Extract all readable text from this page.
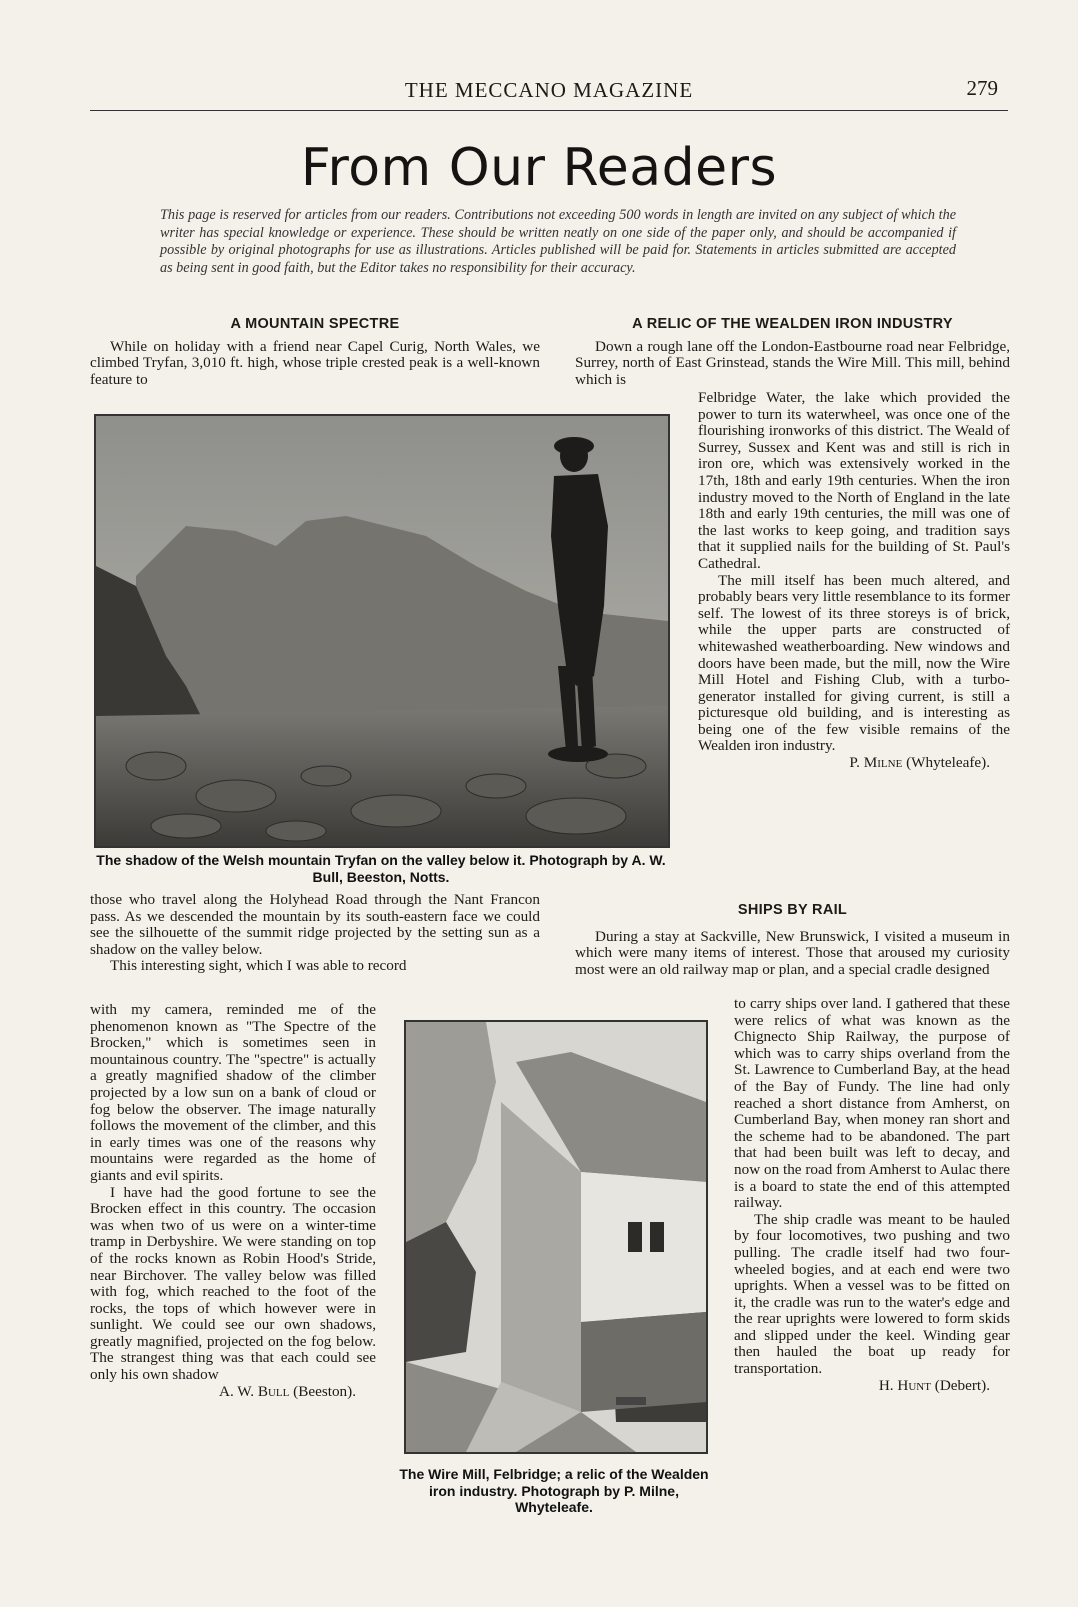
THE MECCANO MAGAZINE	279
From Our Readers
This page is reserved for articles from our readers. Contributions not exceeding 500 words in length are invited on any subject of which the writer has special knowledge or experience. These should be written neatly on one side of the paper only, and should be accompanied if possible by original photographs for use as illustrations. Articles published will be paid for. Statements in articles submitted are accepted as being sent in good faith, but the Editor takes no responsibility for their accuracy.
A MOUNTAIN SPECTRE

While on holiday with a friend near Capel Curig, North Wales, we climbed Tryfan, 3,010 ft. high, whose triple crested peak is a well-known feature to

The shadow of the Welsh mountain Tryfan on the valley below it. Photograph by A. W. Bull, Beeston, Notts.

those who travel along the Holyhead Road through the Nant Francon pass. As we descended the mountain by its south-eastern face we could see the silhouette of the summit ridge projected by the setting sun as a shadow on the valley below.

This interesting sight, which I was able to record

with my camera, reminded me of the phenomenon known as "The Spectre of the Brocken," which is sometimes seen in mountainous country. The "spectre" is actually a greatly magnified shadow of the climber projected by a low sun on a bank of cloud or fog below the observer. The image naturally follows the movement of the climber, and this in early times was one of the reasons why mountains were regarded as the home of giants and evil spirits.

I have had the good fortune to see the Brocken effect in this country. The occasion was when two of us were on a winter-time tramp in Derbyshire. We were standing on top of the rocks known as Robin Hood's Stride, near Birchover. The valley below was filled with fog, which reached to the foot of the rocks, the tops of which however were in sunlight. We could see our own shadows, greatly magnified, projected on the fog below. The strangest thing was that each could see only his own shadow

A. W. Bull (Beeston).

The Wire Mill, Felbridge; a relic of the Wealden iron industry. Photograph by P. Milne, Whyteleafe.
A RELIC OF THE WEALDEN IRON INDUSTRY

Down a rough lane off the London-Eastbourne road near Felbridge, Surrey, north of East Grinstead, stands the Wire Mill. This mill, behind which is

Felbridge Water, the lake which provided the power to turn its waterwheel, was once one of the flourishing ironworks of this district. The Weald of Surrey, Sussex and Kent was and still is rich in iron ore, which was extensively worked in the 17th, 18th and early 19th centuries. When the iron industry moved to the North of England in the late 18th and early 19th centuries, the mill was one of the last works to keep going, and tradition says that it supplied nails for the building of St. Paul's Cathedral.

The mill itself has been much altered, and probably bears very little resemblance to its former self. The lowest of its three storeys is of brick, while the upper parts are constructed of whitewashed weatherboarding. New windows and doors have been made, but the mill, now the Wire Mill Hotel and Fishing Club, with a turbo-generator installed for giving current, is still a picturesque old building, and is interesting as being one of the few visible remains of the Wealden iron industry.

P. Milne (Whyteleafe).

SHIPS BY RAIL

During a stay at Sackville, New Brunswick, I visited a museum in which were many items of interest. Those that aroused my curiosity most were an old railway map or plan, and a special cradle designed

to carry ships over land. I gathered that these were relics of what was known as the Chignecto Ship Railway, the purpose of which was to carry ships overland from the St. Lawrence to Cumberland Bay, at the head of the Bay of Fundy. The line had only reached a short distance from Amherst, on Cumberland Bay, when money ran short and the scheme had to be abandoned. The part that had been built was left to decay, and now on the road from Amherst to Aulac there is a board to state the end of this attempted railway.

The ship cradle was meant to be hauled by four locomotives, two pushing and two pulling. The cradle itself had two four-wheeled bogies, and at each end were two uprights. When a vessel was to be fitted on it, the cradle was run to the water's edge and the rear uprights were lowered to form skids and slipped under the keel. Winding gear then hauled the boat up ready for transportation.

H. Hunt (Debert).
